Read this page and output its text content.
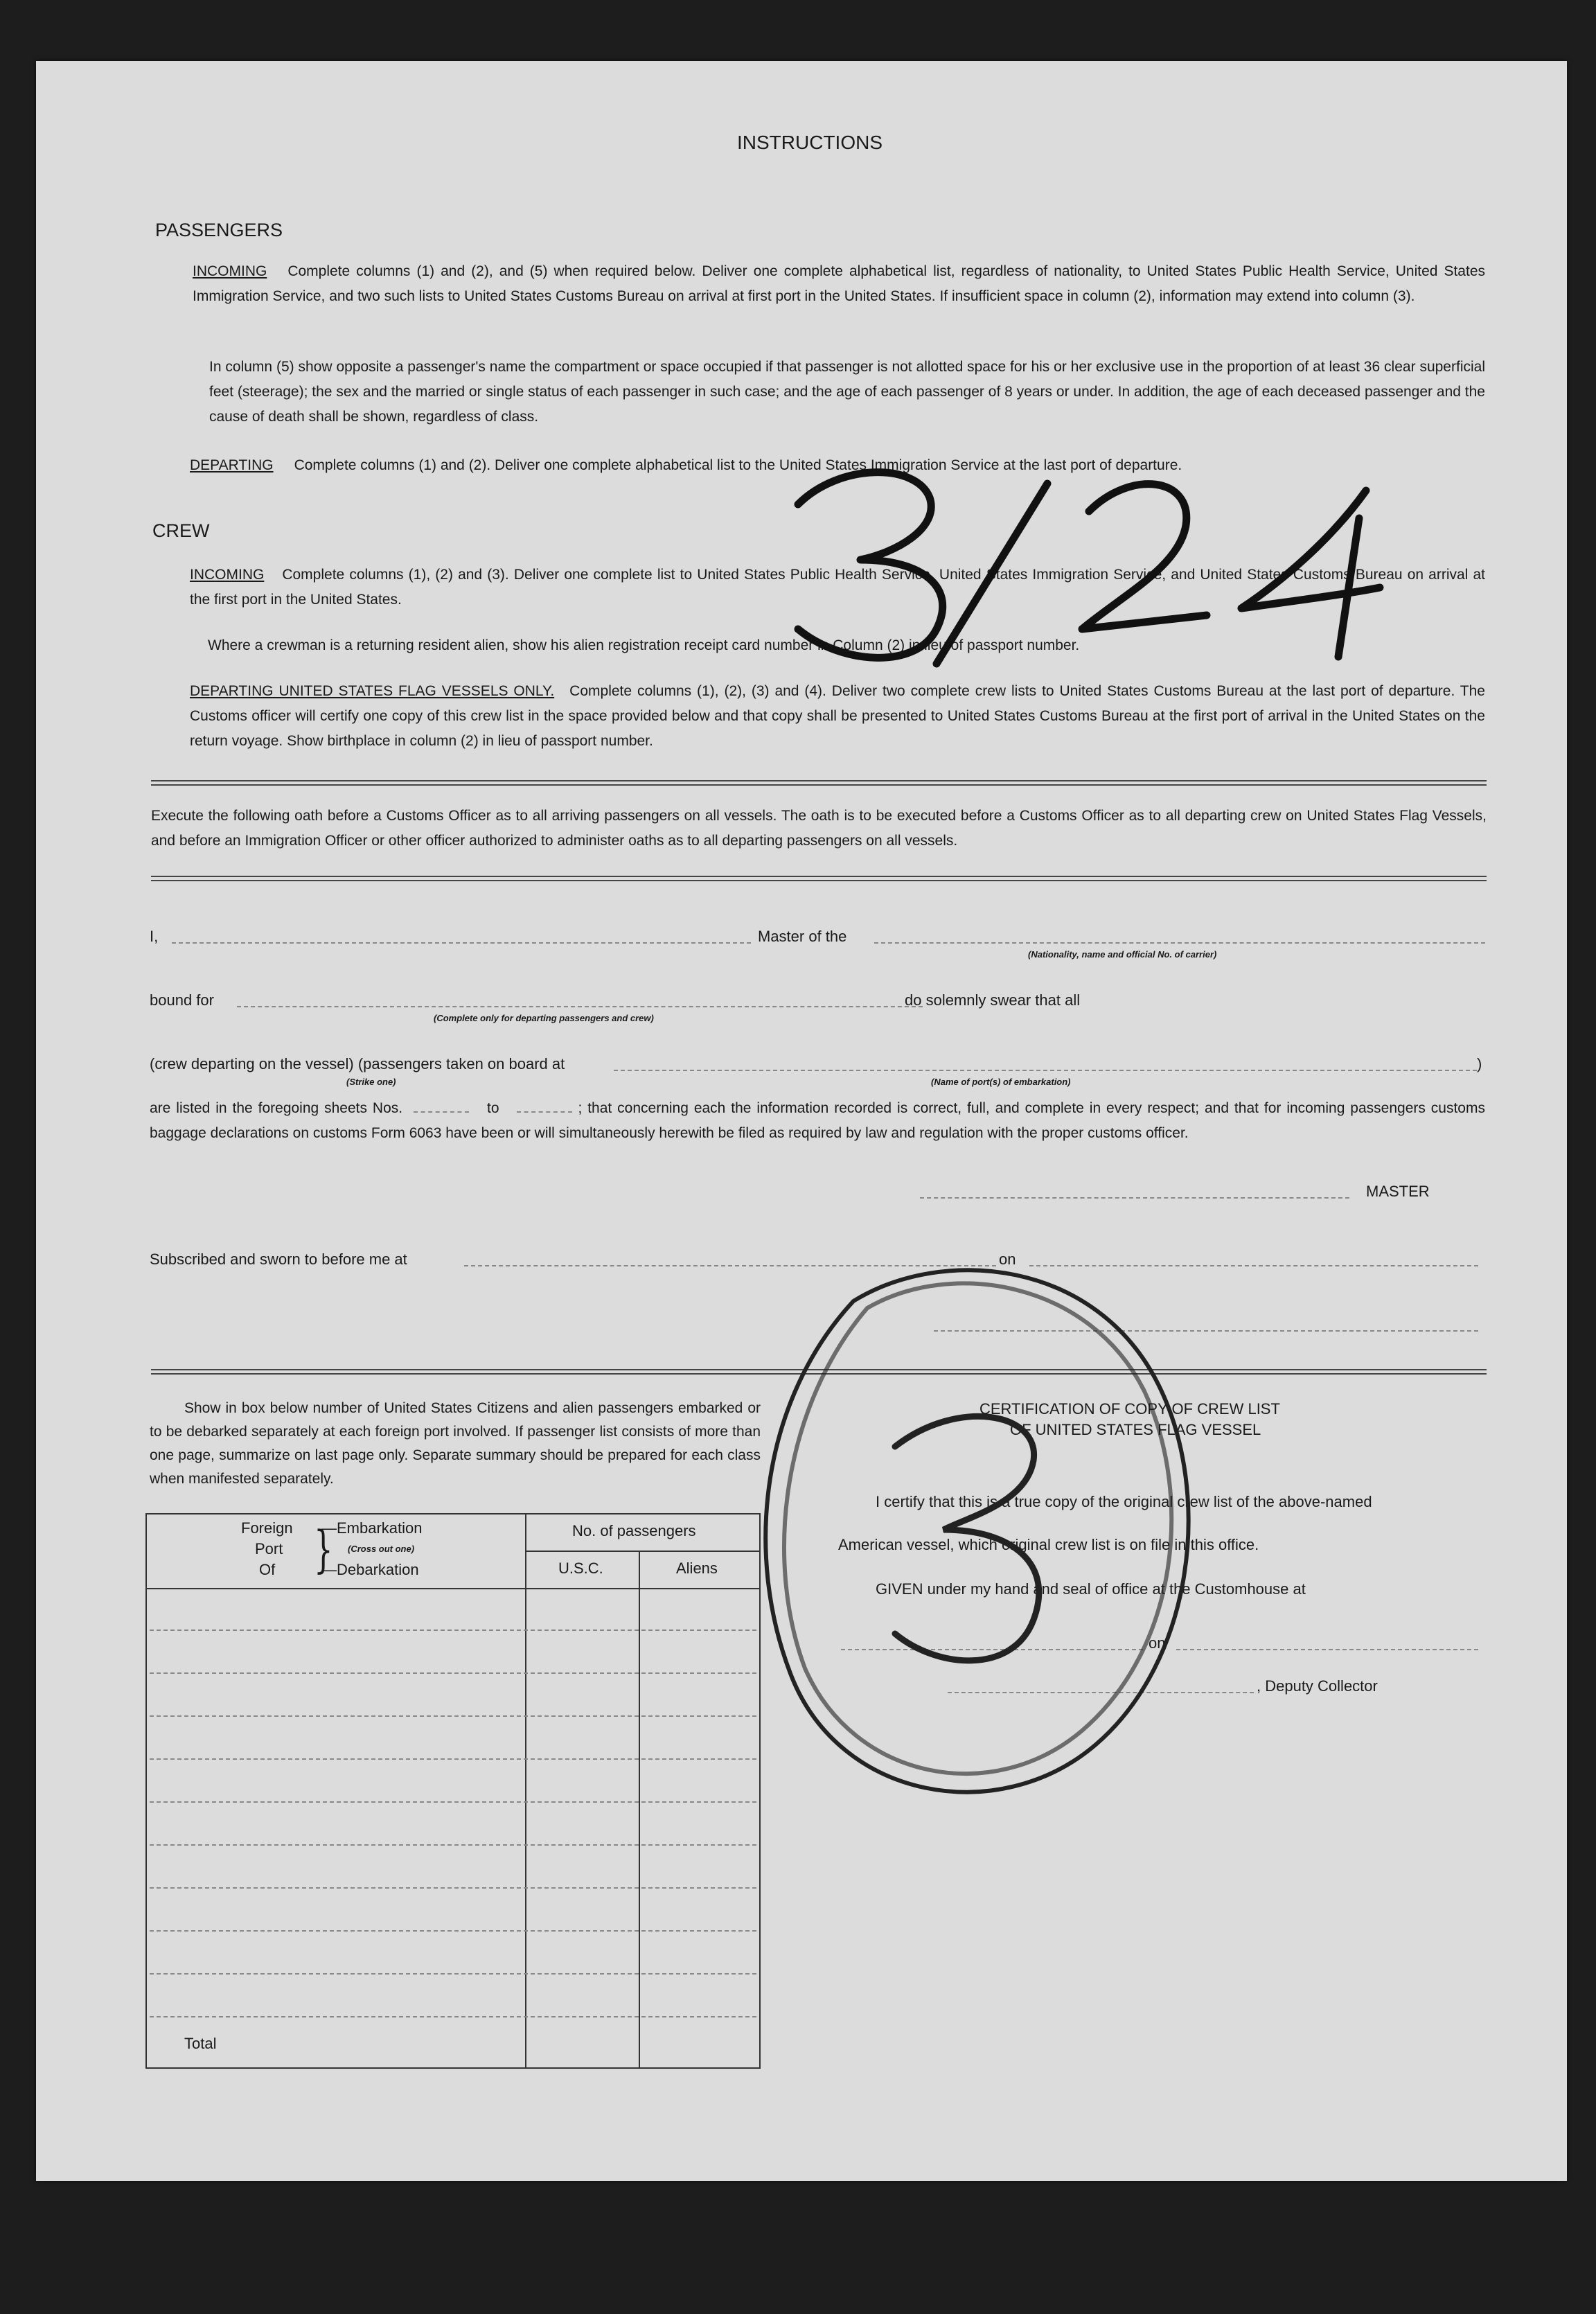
INSTRUCTIONS
PASSENGERS
INCOMING Complete columns (1) and (2), and (5) when required below. Deliver one complete alphabetical list, regardless of nationality, to United States Public Health Service, United States Immigration Service, and two such lists to United States Customs Bureau on arrival at first port in the United States. If insufficient space in column (2), information may extend into column (3).
In column (5) show opposite a passenger's name the compartment or space occupied if that passenger is not allotted space for his or her exclusive use in the proportion of at least 36 clear superficial feet (steerage); the sex and the married or single status of each passenger in such case; and the age of each passenger of 8 years or under. In addition, the age of each deceased passenger and the cause of death shall be shown, regardless of class.
DEPARTING Complete columns (1) and (2). Deliver one complete alphabetical list to the United States Immigration Service at the last port of departure.
CREW
INCOMING Complete columns (1), (2) and (3). Deliver one complete list to United States Public Health Service, United States Immigration Service, and United States Customs Bureau on arrival at the first port in the United States.
Where a crewman is a returning resident alien, show his alien registration receipt card number in Column (2) in lieu of passport number.
DEPARTING UNITED STATES FLAG VESSELS ONLY. Complete columns (1), (2), (3) and (4). Deliver two complete crew lists to United States Customs Bureau at the last port of departure. The Customs officer will certify one copy of this crew list in the space provided below and that copy shall be presented to United States Customs Bureau at the first port of arrival in the United States on the return voyage. Show birthplace in column (2) in lieu of passport number.
Execute the following oath before a Customs Officer as to all arriving passengers on all vessels. The oath is to be executed before a Customs Officer as to all departing crew on United States Flag Vessels, and before an Immigration Officer or other officer authorized to administer oaths as to all departing passengers on all vessels.
I,	Master of the
(Nationality, name and official No. of carrier)
bound for
(Complete only for departing passengers and crew)
do solemnly swear that all
(crew departing on the vessel) (passengers taken on board at	)
(Strike one)	(Name of port(s) of embarkation)
are listed in the foregoing sheets Nos.	to	; that concerning each the information recorded is correct, full, and complete in every respect; and that for incoming passengers customs baggage declarations on customs Form 6063 have been or will simultaneously herewith be filed as required by law and regulation with the proper customs officer.
MASTER
Subscribed and sworn to before me at	on
Show in box below number of United States Citizens and alien passengers embarked or to be debarked separately at each foreign port involved. If passenger list consists of more than one page, summarize on last page only. Separate summary should be prepared for each class when manifested separately.
Foreign
Port
Of }
—Embarkation
(Cross out one)
—Debarkation
No. of passengers
U.S.C.	Aliens
Total
CERTIFICATION OF COPY OF CREW LIST
OF UNITED STATES FLAG VESSEL
I certify that this is a true copy of the original crew list of the above-named
American vessel, which original crew list is on file in this office.
GIVEN under my hand and seal of office at the Customhouse at
on
, Deputy Collector
3/24
3
